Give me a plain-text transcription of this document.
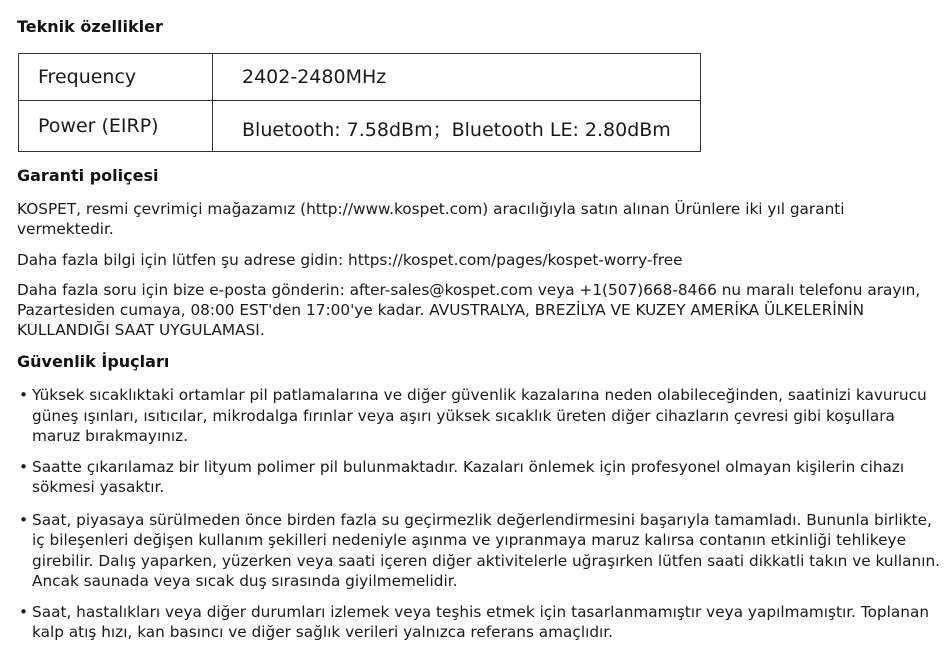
Teknik özellikler
Frequency	2402-2480MHz
Power (EIRP)	Bluetooth: 7.58dBm；Bluetooth LE: 2.80dBm
Garanti poliçesi

KOSPET, resmi çevrimiçi mağazamız (http://www.kospet.com) aracılığıyla satın alınan Ürünlere iki yıl garanti vermektedir.

Daha fazla bilgi için lütfen şu adrese gidin: https://kospet.com/pages/kospet-worry-free

Daha fazla soru için bize e-posta gönderin: after-sales@kospet.com veya +1(507)668-8466 nu maralı telefonu arayın, Pazartesiden cumaya, 08:00 EST'den 17:00'ye kadar. AVUSTRALYA, BREZİLYA VE KUZEY AMERİKA ÜLKELERİNİN KULLANDIĞI SAAT UYGULAMASI.

Güvenlik İpuçları
• Yüksek sıcaklıktaki ortamlar pil patlamalarına ve diğer güvenlik kazalarına neden olabileceğinden, saatinizi kavurucu güneş ışınları, ısıtıcılar, mikrodalga fırınlar veya aşırı yüksek sıcaklık üreten diğer cihazların çevresi gibi koşullara maruz bırakmayınız.
• Saatte çıkarılamaz bir lityum polimer pil bulunmaktadır. Kazaları önlemek için profesyonel olmayan kişilerin cihazı sökmesi yasaktır.
• Saat, piyasaya sürülmeden önce birden fazla su geçirmezlik değerlendirmesini başarıyla tamamladı. Bununla birlikte, iç bileşenleri değişen kullanım şekilleri nedeniyle aşınma ve yıpranmaya maruz kalırsa contanın etkinliği tehlikeye girebilir. Dalış yaparken, yüzerken veya saati içeren diğer aktivitelerle uğraşırken lütfen saati dikkatli takın ve kullanın. Ancak saunada veya sıcak duş sırasında giyilmemelidir.
• Saat, hastalıkları veya diğer durumları izlemek veya teşhis etmek için tasarlanmamıştır veya yapılmamıştır. Toplanan kalp atış hızı, kan basıncı ve diğer sağlık verileri yalnızca referans amaçlıdır.
